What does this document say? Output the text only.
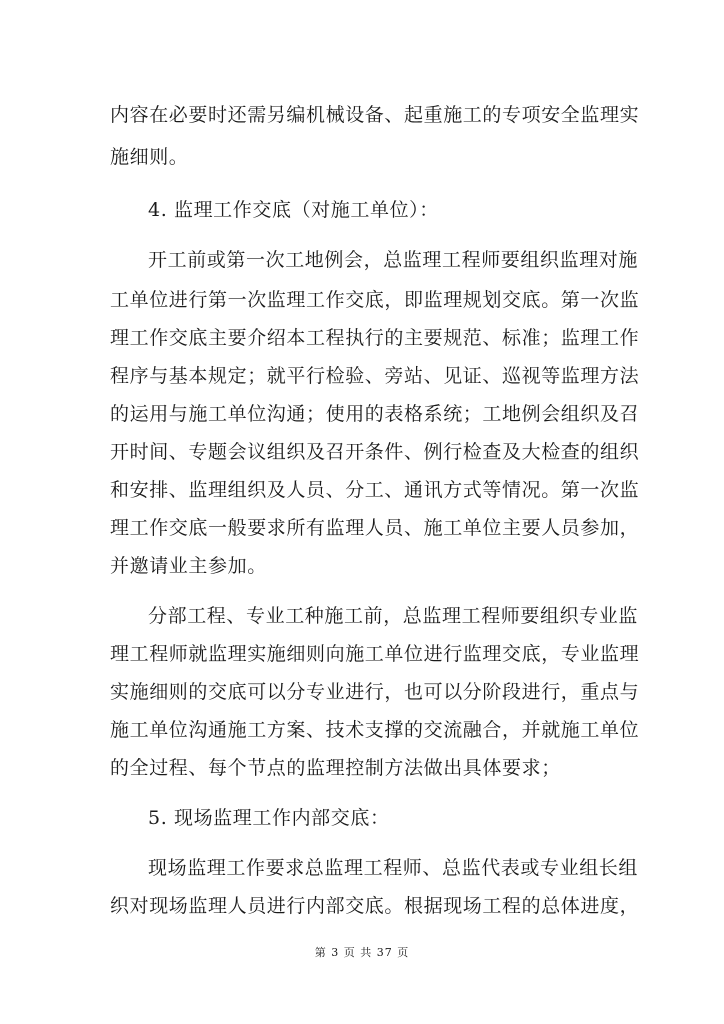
内容在必要时还需另编机械设备、起重施工的专项安全监理实
施细则。
4. 监理工作交底（对施工单位）：
开工前或第一次工地例会，总监理工程师要组织监理对施
工单位进行第一次监理工作交底，即监理规划交底。第一次监
理工作交底主要介绍本工程执行的主要规范、标准；监理工作
程序与基本规定；就平行检验、旁站、见证、巡视等监理方法
的运用与施工单位沟通；使用的表格系统；工地例会组织及召
开时间、专题会议组织及召开条件、例行检查及大检查的组织
和安排、监理组织及人员、分工、通讯方式等情况。第一次监
理工作交底一般要求所有监理人员、施工单位主要人员参加，
并邀请业主参加。
分部工程、专业工种施工前，总监理工程师要组织专业监
理工程师就监理实施细则向施工单位进行监理交底，专业监理
实施细则的交底可以分专业进行，也可以分阶段进行，重点与
施工单位沟通施工方案、技术支撑的交流融合，并就施工单位
的全过程、每个节点的监理控制方法做出具体要求；
5. 现场监理工作内部交底：
现场监理工作要求总监理工程师、总监代表或专业组长组
织对现场监理人员进行内部交底。根据现场工程的总体进度，
第 3 页 共 37 页
